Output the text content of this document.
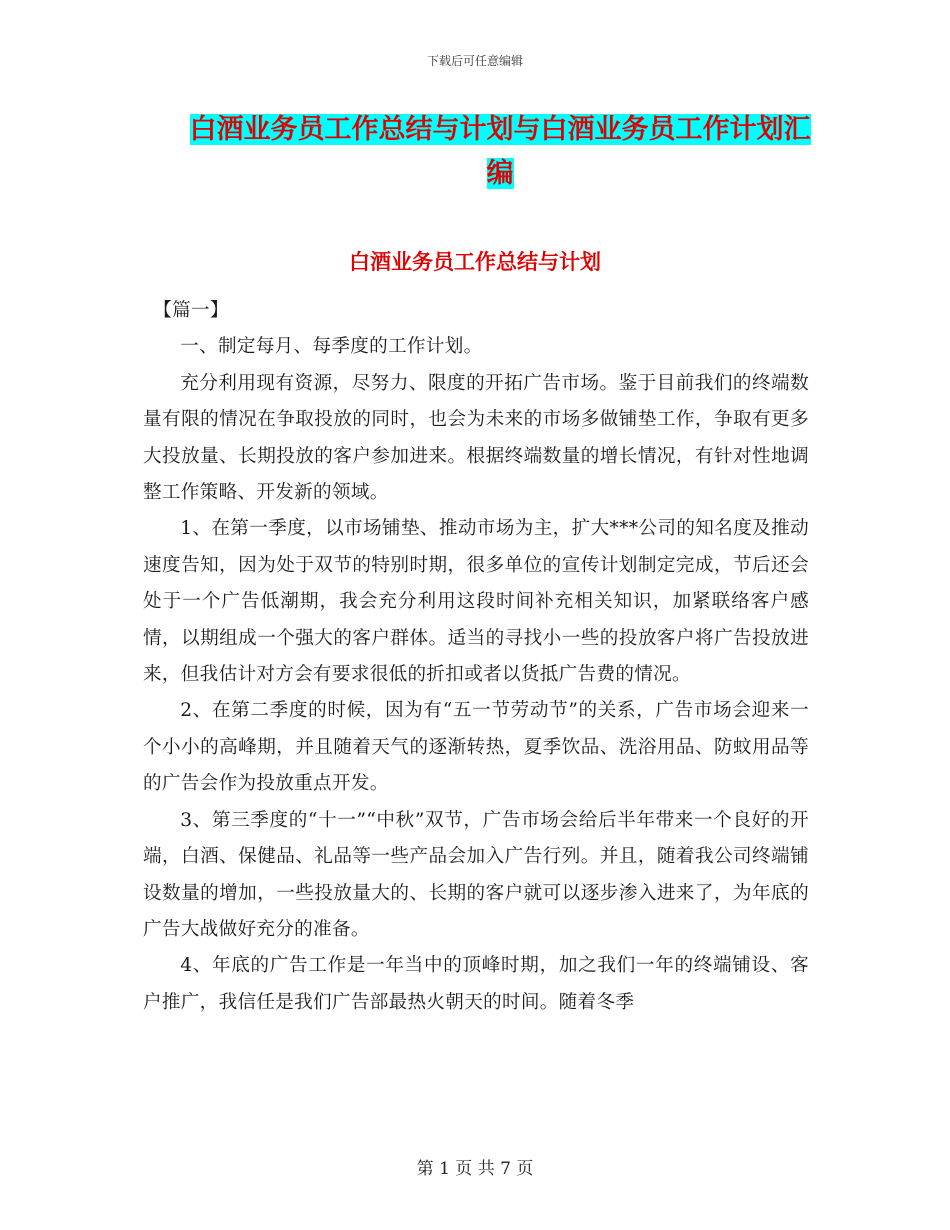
下载后可任意编辑
白酒业务员工作总结与计划与白酒业务员工作计划汇
编
白酒业务员工作总结与计划

【篇一】

一、制定每月、每季度的工作计划。

充分利用现有资源，尽努力、限度的开拓广告市场。鉴于目前我们的终端数量有限的情况在争取投放的同时，也会为未来的市场多做铺垫工作，争取有更多大投放量、长期投放的客户参加进来。根据终端数量的增长情况，有针对性地调整工作策略、开发新的领域。

1、在第一季度，以市场铺垫、推动市场为主，扩大***公司的知名度及推动速度告知，因为处于双节的特别时期，很多单位的宣传计划制定完成，节后还会处于一个广告低潮期，我会充分利用这段时间补充相关知识，加紧联络客户感情，以期组成一个强大的客户群体。适当的寻找小一些的投放客户将广告投放进来，但我估计对方会有要求很低的折扣或者以货抵广告费的情况。

2、在第二季度的时候，因为有“五一节劳动节”的关系，广告市场会迎来一个小小的高峰期，并且随着天气的逐渐转热，夏季饮品、洗浴用品、防蚊用品等的广告会作为投放重点开发。

3、第三季度的“十一”“中秋”双节，广告市场会给后半年带来一个良好的开端，白酒、保健品、礼品等一些产品会加入广告行列。并且，随着我公司终端铺设数量的增加，一些投放量大的、长期的客户就可以逐步渗入进来了，为年底的广告大战做好充分的准备。

4、年底的广告工作是一年当中的顶峰时期，加之我们一年的终端铺设、客户推广，我信任是我们广告部最热火朝天的时间。随着冬季

第 1 页 共 7 页
